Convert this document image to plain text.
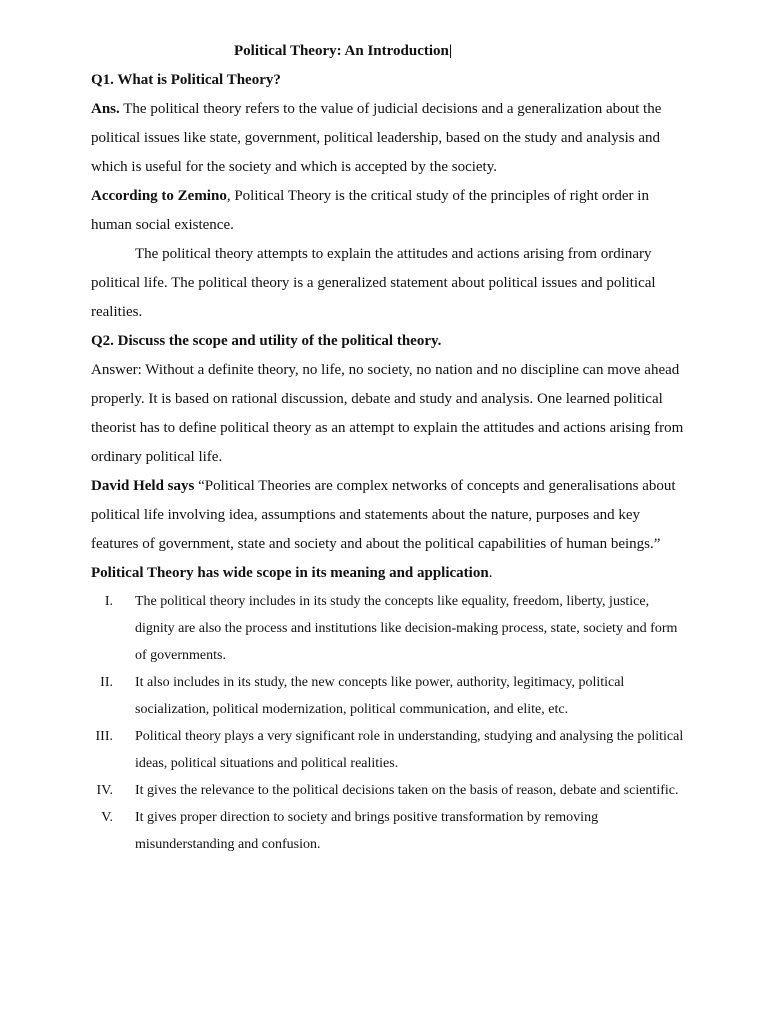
Political Theory: An Introduction|

Q1. What is Political Theory?

Ans. The political theory refers to the value of judicial decisions and a generalization about the political issues like state, government, political leadership, based on the study and analysis and which is useful for the society and which is accepted by the society.

According to Zemino, Political Theory is the critical study of the principles of right order in human social existence.

The political theory attempts to explain the attitudes and actions arising from ordinary political life. The political theory is a generalized statement about political issues and political realities.

Q2. Discuss the scope and utility of the political theory.

Answer: Without a definite theory, no life, no society, no nation and no discipline can move ahead properly. It is based on rational discussion, debate and study and analysis. One learned political theorist has to define political theory as an attempt to explain the attitudes and actions arising from ordinary political life.

David Held says “Political Theories are complex networks of concepts and generalisations about political life involving idea, assumptions and statements about the nature, purposes and key features of government, state and society and about the political capabilities of human beings.”

Political Theory has wide scope in its meaning and application.

I. The political theory includes in its study the concepts like equality, freedom, liberty, justice, dignity are also the process and institutions like decision-making process, state, society and form of governments.
II. It also includes in its study, the new concepts like power, authority, legitimacy, political socialization, political modernization, political communication, and elite, etc.
III. Political theory plays a very significant role in understanding, studying and analysing the political ideas, political situations and political realities.
IV. It gives the relevance to the political decisions taken on the basis of reason, debate and scientific.
V. It gives proper direction to society and brings positive transformation by removing misunderstanding and confusion.
